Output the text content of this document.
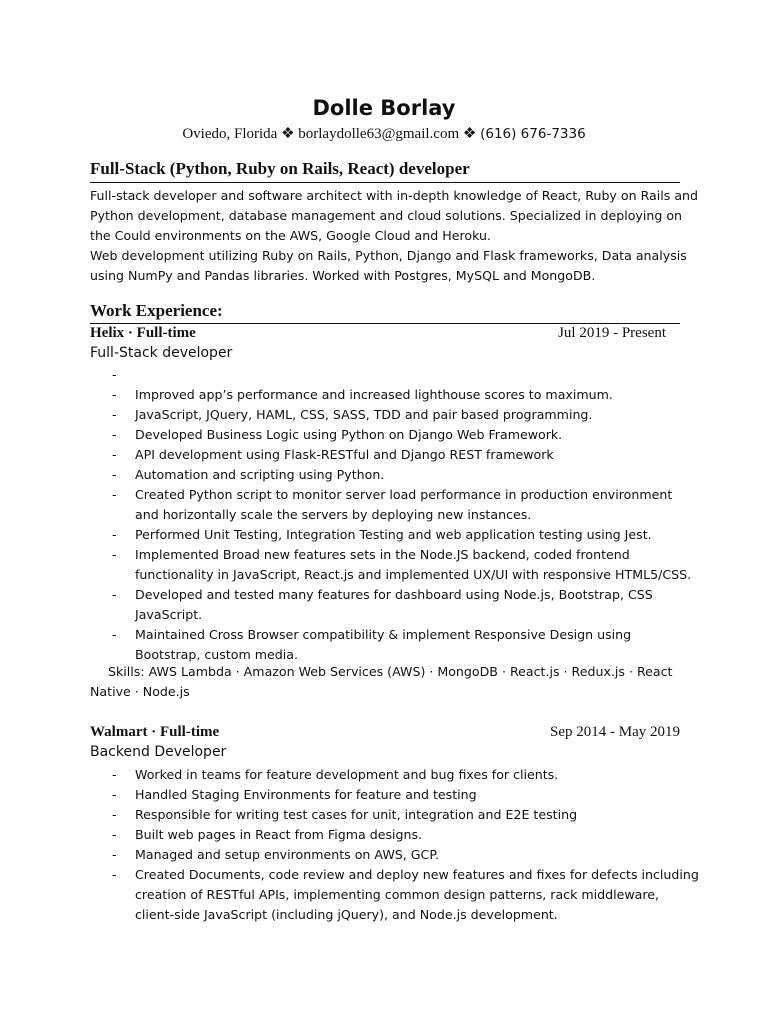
Dolle Borlay
Oviedo, Florida ❖ borlaydolle63@gmail.com ❖ (616) 676-7336
Full-Stack (Python, Ruby on Rails, React) developer
Full-stack developer and software architect with in-depth knowledge of React, Ruby on Rails and
Python development, database management and cloud solutions. Specialized in deploying on
the Could environments on the AWS, Google Cloud and Heroku.
Web development utilizing Ruby on Rails, Python, Django and Flask frameworks, Data analysis
using NumPy and Pandas libraries. Worked with Postgres, MySQL and MongoDB.
Work Experience:
Helix · Full-time	Jul 2019 - Present
Full-Stack developer
-
- Improved app’s performance and increased lighthouse scores to maximum.
- JavaScript, JQuery, HAML, CSS, SASS, TDD and pair based programming.
- Developed Business Logic using Python on Django Web Framework.
- API development using Flask-RESTful and Django REST framework
- Automation and scripting using Python.
- Created Python script to monitor server load performance in production environment
and horizontally scale the servers by deploying new instances.
- Performed Unit Testing, Integration Testing and web application testing using Jest.
- Implemented Broad new features sets in the Node.JS backend, coded frontend
functionality in JavaScript, React.js and implemented UX/UI with responsive HTML5/CSS.
- Developed and tested many features for dashboard using Node.js, Bootstrap, CSS
JavaScript.
- Maintained Cross Browser compatibility & implement Responsive Design using
Bootstrap, custom media.
Skills: AWS Lambda · Amazon Web Services (AWS) · MongoDB · React.js · Redux.js · React
Native · Node.js
Walmart · Full-time	Sep 2014 - May 2019
Backend Developer
- Worked in teams for feature development and bug fixes for clients.
- Handled Staging Environments for feature and testing
- Responsible for writing test cases for unit, integration and E2E testing
- Built web pages in React from Figma designs.
- Managed and setup environments on AWS, GCP.
- Created Documents, code review and deploy new features and fixes for defects including
creation of RESTful APIs, implementing common design patterns, rack middleware,
client-side JavaScript (including jQuery), and Node.js development.
